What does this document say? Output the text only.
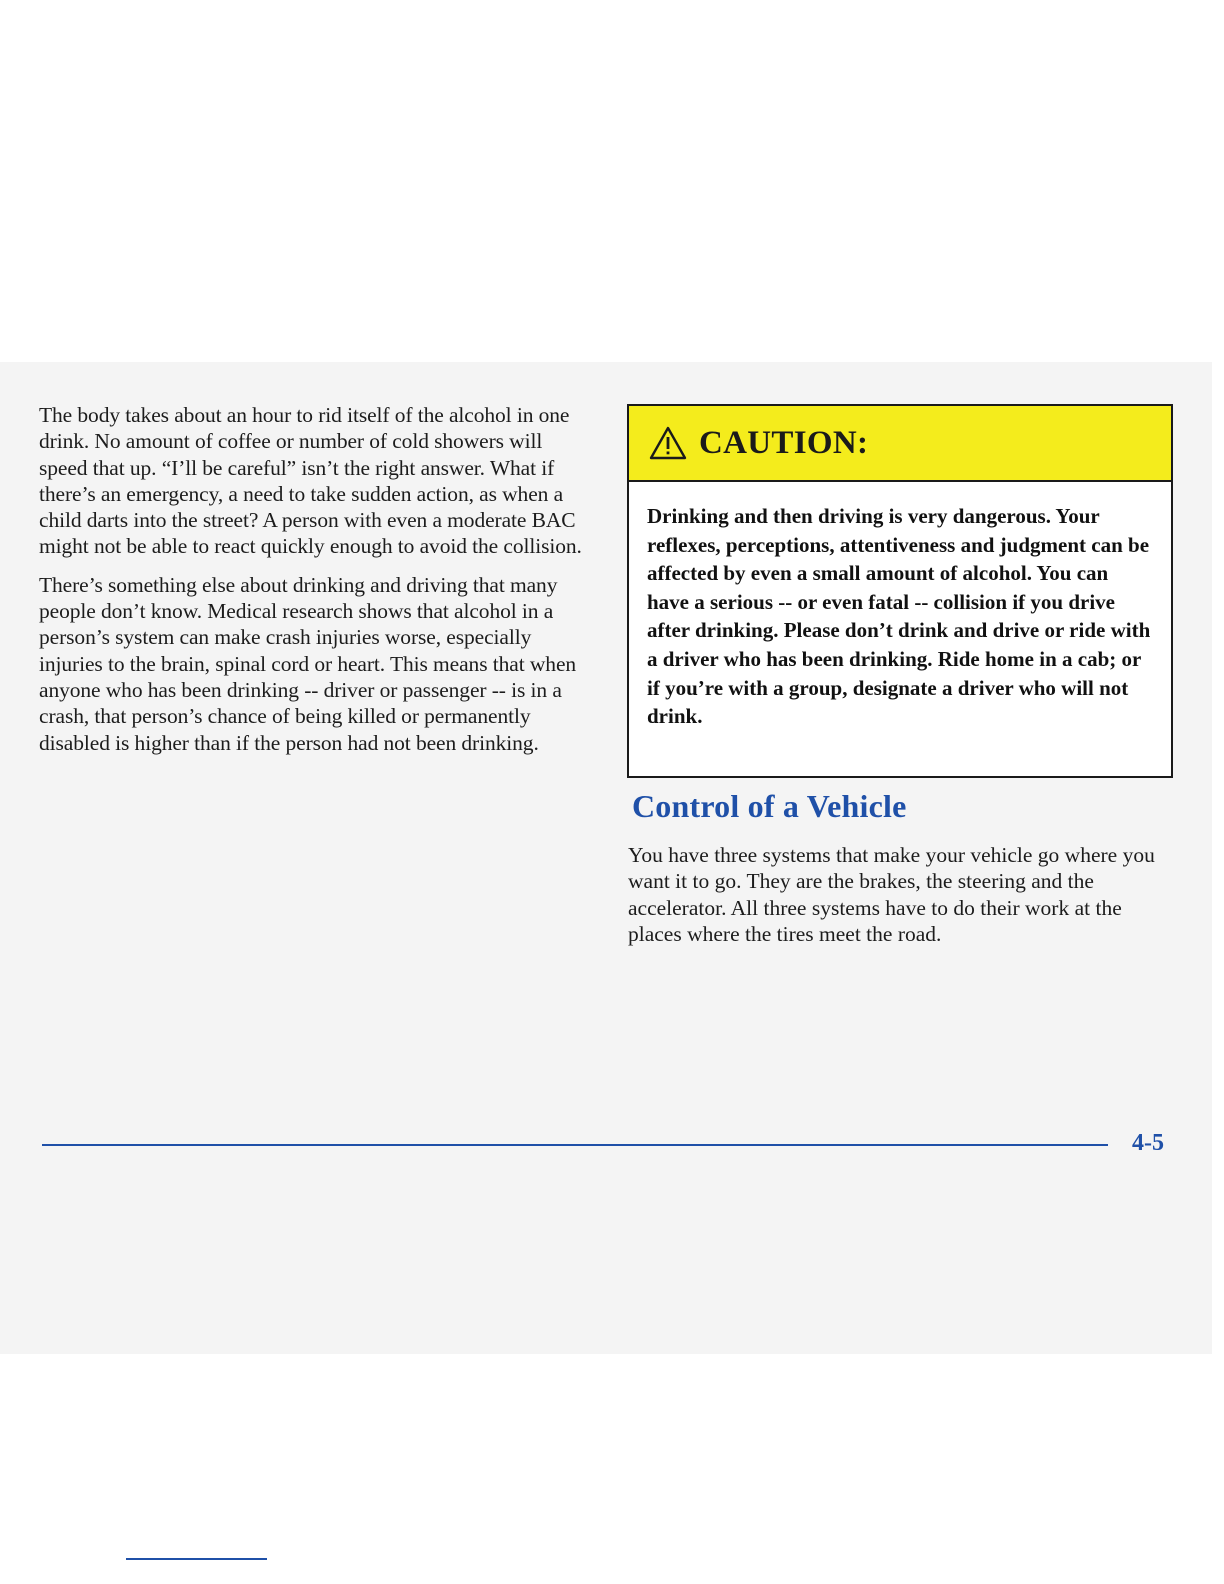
The body takes about an hour to rid itself of the alcohol in one drink. No amount of coffee or number of cold showers will speed that up. “I’ll be careful” isn’t the right answer. What if there’s an emergency, a need to take sudden action, as when a child darts into the street? A person with even a moderate BAC might not be able to react quickly enough to avoid the collision.

There’s something else about drinking and driving that many people don’t know. Medical research shows that alcohol in a person’s system can make crash injuries worse, especially injuries to the brain, spinal cord or heart. This means that when anyone who has been drinking -- driver or passenger -- is in a crash, that person’s chance of being killed or permanently disabled is higher than if the person had not been drinking.

CAUTION:
Drinking and then driving is very dangerous. Your reflexes, perceptions, attentiveness and judgment can be affected by even a small amount of alcohol. You can have a serious -- or even fatal -- collision if you drive after drinking. Please don’t drink and drive or ride with a driver who has been drinking. Ride home in a cab; or if you’re with a group, designate a driver who will not drink.
Control of a Vehicle

You have three systems that make your vehicle go where you want it to go. They are the brakes, the steering and the accelerator. All three systems have to do their work at the places where the tires meet the road.

4-5
